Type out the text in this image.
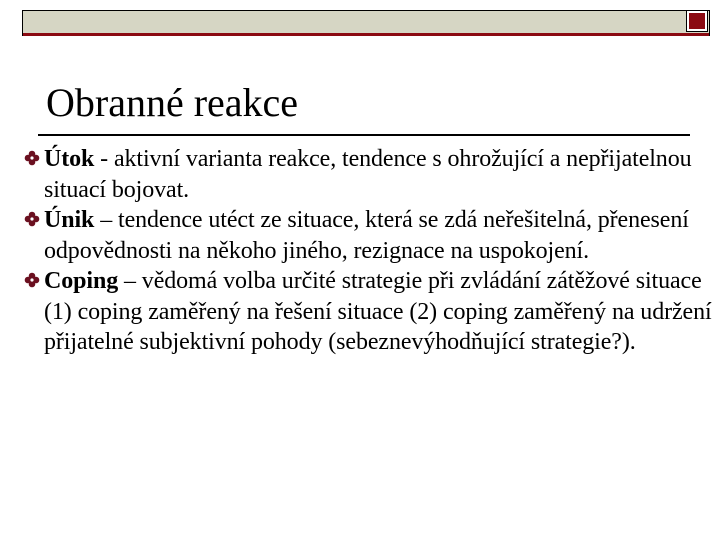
Obranné reakce
Útok - aktivní varianta reakce, tendence s ohrožující a nepřijatelnou situací bojovat.
Únik – tendence utéct ze situace, která se zdá neřešitelná, přenesení odpovědnosti na někoho jiného, rezignace na uspokojení.
Coping – vědomá volba určité strategie při zvládání zátěžové situace (1) coping zaměřený na řešení situace (2) coping zaměřený na udržení přijatelné subjektivní pohody (sebeznevýhodňující strategie?).
